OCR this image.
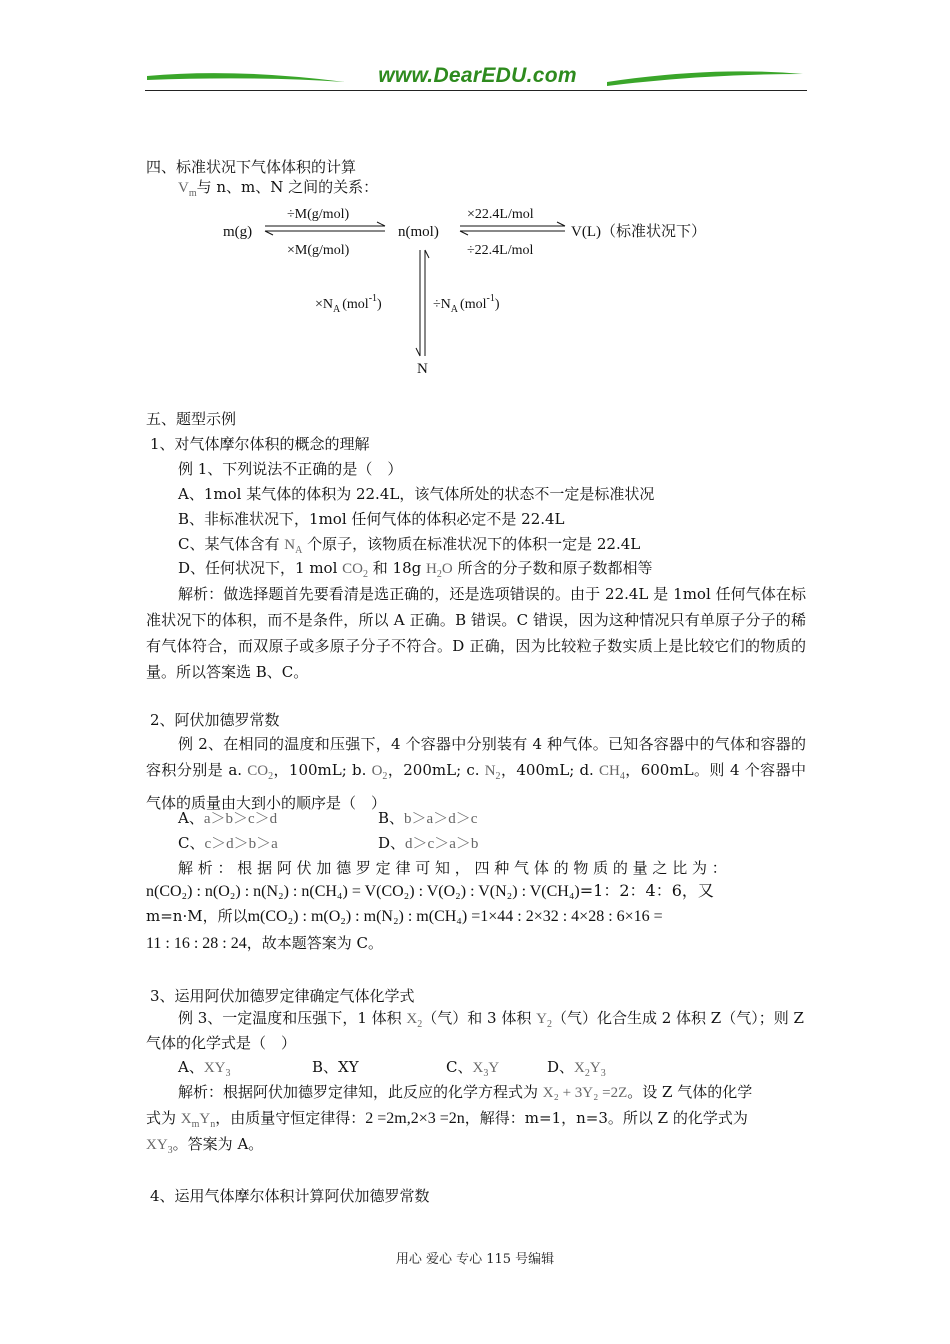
www.DearEDU.com
四、标准状况下气体体积的计算
$V_m$与 n、m、N 之间的关系：
m(g)	n(mol)	V(L)（标准状况下）
N
÷M(g/mol)
×M(g/mol)
×22.4L/mol
÷22.4L/mol
$\times N_A$ (mol$^{-1}$)	$\div N_A$ (mol$^{-1}$)
五、题型示例
1、对气体摩尔体积的概念的理解
例 1、下列说法不正确的是（　）
A、1mol 某气体的体积为 22.4L，该气体所处的状态不一定是标准状况
B、非标准状况下，1mol 任何气体的体积必定不是 22.4L
C、某气体含有 $N_A$ 个原子，该物质在标准状况下的体积一定是 22.4L
D、任何状况下，1 mol $CO_2$ 和 18g $H_2O$ 所含的分子数和原子数都相等
解析：做选择题首先要看清是选正确的，还是选项错误的。由于 22.4L 是 1mol 任何气体在标准状况下的体积，而不是条件，所以 A 正确。B 错误。C 错误，因为这种情况只有单原子分子的稀有气体符合，而双原子或多原子分子不符合。D 正确，因为比较粒子数实质上是比较它们的物质的量。所以答案选 B、C。
2、阿伏加德罗常数
例 2、在相同的温度和压强下，4 个容器中分别装有 4 种气体。已知各容器中的气体和容器的容积分别是 a. $CO_2$，100mL; b. $O_2$，200mL; c. $N_2$，400mL; d. $CH_4$，600mL。则 4 个容器中气体的质量由大到小的顺序是（　）
A、a＞b＞c＞d	B、b＞a＞d＞c
C、c＞d＞b＞a	D、d＞c＞a＞b
解 析 ： 根 据 阿 伏 加 德 罗 定 律 可 知 ， 四 种 气 体 的 物 质 的 量 之 比 为 ：
n(CO₂) : n(O₂) : n(N₂) : n(CH₄) = V(CO₂) : V(O₂) : V(N₂) : V(CH₄)=1：2：4：6，又
m=n·M，所以m(CO₂) : m(O₂) : m(N₂) : m(CH₄) =1×44 : 2×32 : 4×28 : 6×16 =
11 : 16 : 28 : 24，故本题答案为 C。
3、运用阿伏加德罗定律确定气体化学式
例 3、一定温度和压强下，1 体积 $X_2$（气）和 3 体积 $Y_2$（气）化合生成 2 体积 Z（气）；则 Z
气体的化学式是（　）
A、$XY_3$	B、XY	C、$X_3Y$	D、$X_2Y_3$
解析：根据阿伏加德罗定律知，此反应的化学方程式为 X₂ + 3Y₂ =2Z。设 Z 气体的化学
式为 $X_mY_n$，由质量守恒定律得：2 =2m,2×3 =2n，解得：m=1，n=3。所以 Z 的化学式为
$XY_3$。答案为 A。
4、运用气体摩尔体积计算阿伏加德罗常数
用心 爱心 专心 115 号编辑
